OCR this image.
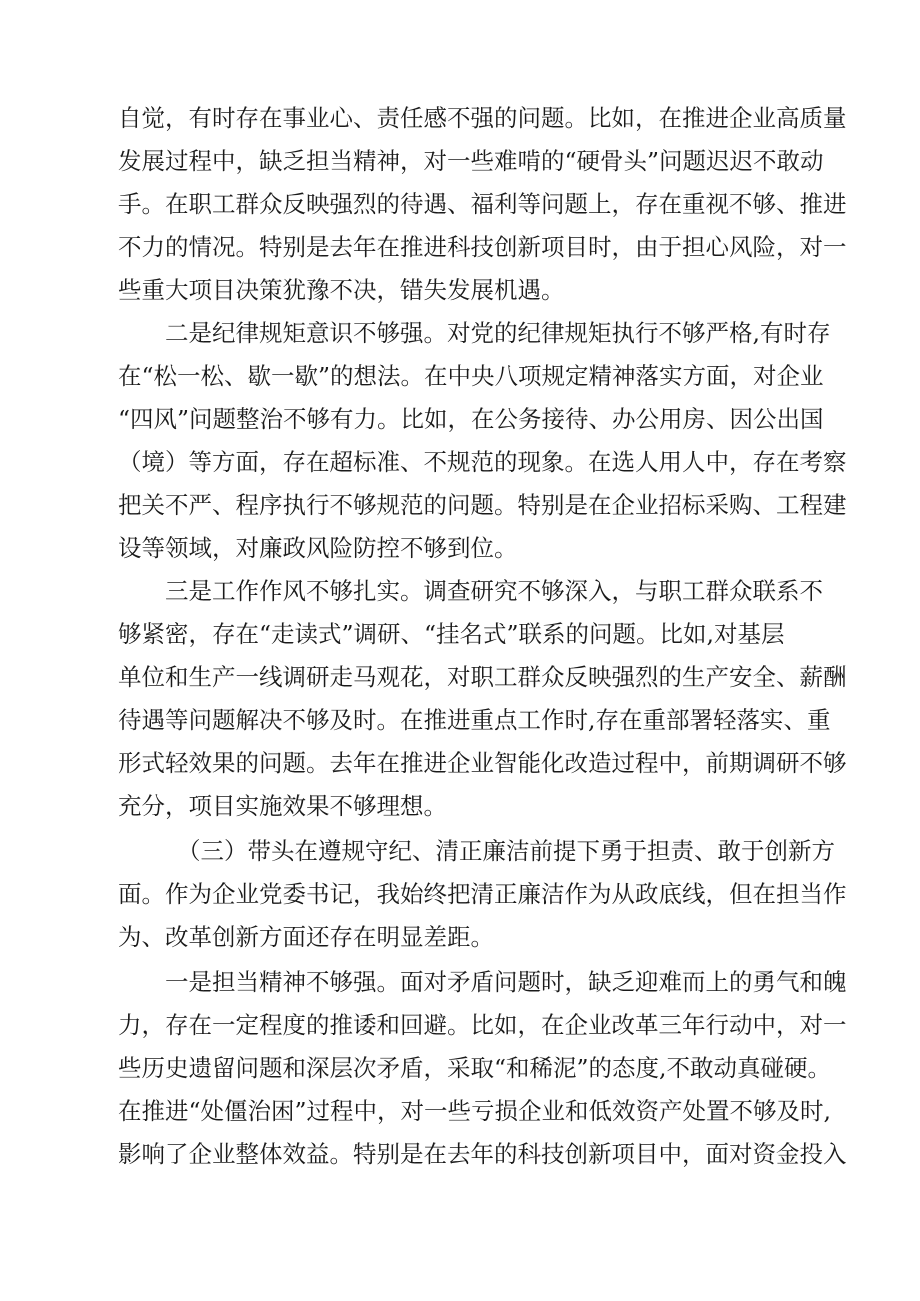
自觉，有时存在事业心、责任感不强的问题。比如，在推进企业高质量

发展过程中，缺乏担当精神，对一些难啃的“硬骨头”问题迟迟不敢动

手。在职工群众反映强烈的待遇、福利等问题上，存在重视不够、推进

不力的情况。特别是去年在推进科技创新项目时，由于担心风险，对一

些重大项目决策犹豫不决，错失发展机遇。

二是纪律规矩意识不够强。对党的纪律规矩执行不够严格,有时存

在“松一松、歇一歇”的想法。在中央八项规定精神落实方面，对企业

“四风”问题整治不够有力。比如，在公务接待、办公用房、因公出国

（境）等方面，存在超标准、不规范的现象。在选人用人中，存在考察

把关不严、程序执行不够规范的问题。特别是在企业招标采购、工程建

设等领域，对廉政风险防控不够到位。

三是工作作风不够扎实。调查研究不够深入，与职工群众联系不

够紧密，存在“走读式”调研、“挂名式”联系的问题。比如,对基层

单位和生产一线调研走马观花，对职工群众反映强烈的生产安全、薪酬

待遇等问题解决不够及时。在推进重点工作时,存在重部署轻落实、重

形式轻效果的问题。去年在推进企业智能化改造过程中，前期调研不够

充分，项目实施效果不够理想。

（三）带头在遵规守纪、清正廉洁前提下勇于担责、敢于创新方

面。作为企业党委书记，我始终把清正廉洁作为从政底线，但在担当作

为、改革创新方面还存在明显差距。

一是担当精神不够强。面对矛盾问题时，缺乏迎难而上的勇气和魄

力，存在一定程度的推诿和回避。比如，在企业改革三年行动中，对一

些历史遗留问题和深层次矛盾，采取“和稀泥”的态度,不敢动真碰硬。

在推进“处僵治困”过程中，对一些亏损企业和低效资产处置不够及时,

影响了企业整体效益。特别是在去年的科技创新项目中，面对资金投入
